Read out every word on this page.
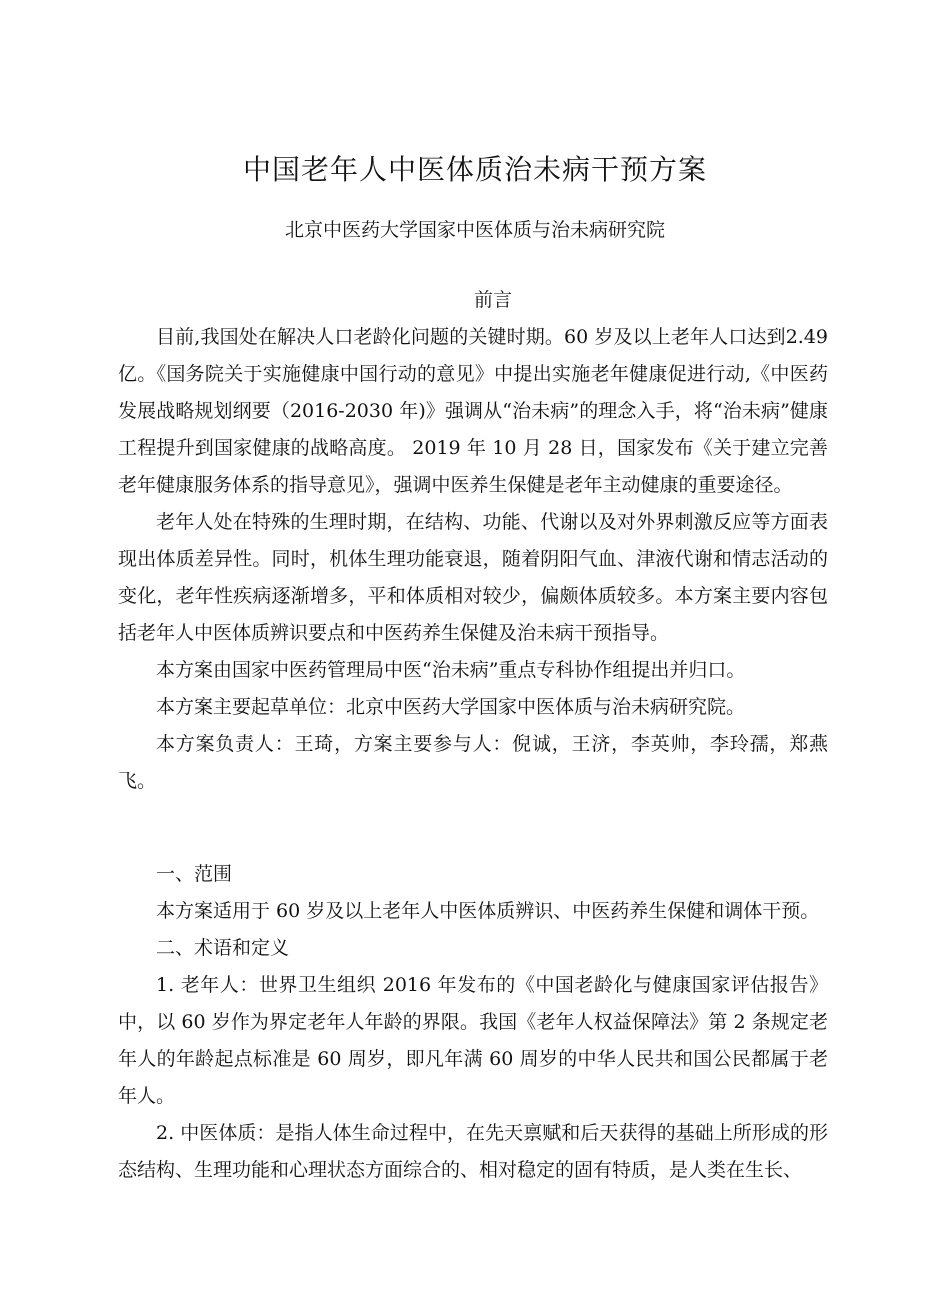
中国老年人中医体质治未病干预方案
北京中医药大学国家中医体质与治未病研究院
前言

目前,我国处在解决人口老龄化问题的关键时期。60 岁及以上老年人口达到2.49 亿。《国务院关于实施健康中国行动的意见》中提出实施老年健康促进行动,《中医药发展战略规划纲要（2016-2030 年)》强调从“治未病”的理念入手，将“治未病”健康工程提升到国家健康的战略高度。 2019 年 10 月 28 日，国家发布《关于建立完善老年健康服务体系的指导意见》，强调中医养生保健是老年主动健康的重要途径。

老年人处在特殊的生理时期，在结构、功能、代谢以及对外界刺激反应等方面表现出体质差异性。同时，机体生理功能衰退，随着阴阳气血、津液代谢和情志活动的变化，老年性疾病逐渐增多，平和体质相对较少，偏颇体质较多。本方案主要内容包括老年人中医体质辨识要点和中医药养生保健及治未病干预指导。

本方案由国家中医药管理局中医“治未病”重点专科协作组提出并归口。

本方案主要起草单位：北京中医药大学国家中医体质与治未病研究院。

本方案负责人：王琦，方案主要参与人：倪诚，王济，李英帅，李玲孺，郑燕飞。

一、范围

本方案适用于 60 岁及以上老年人中医体质辨识、中医药养生保健和调体干预。

二、术语和定义

1. 老年人：世界卫生组织 2016 年发布的《中国老龄化与健康国家评估报告》中，以 60 岁作为界定老年人年龄的界限。我国《老年人权益保障法》第 2 条规定老年人的年龄起点标准是 60 周岁，即凡年满 60 周岁的中华人民共和国公民都属于老年人。

2. 中医体质：是指人体生命过程中，在先天禀赋和后天获得的基础上所形成的形态结构、生理功能和心理状态方面综合的、相对稳定的固有特质，是人类在生长、
